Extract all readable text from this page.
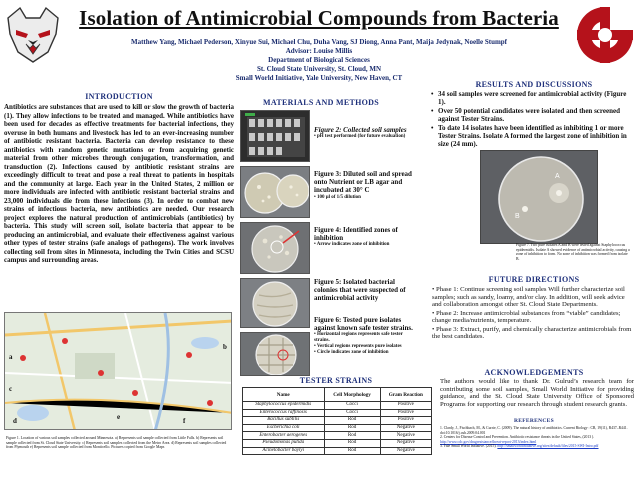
Isolation of Antimicrobial Compounds from Bacteria
Matthew Yang, Michael Pederson, Xinyue Sui, Michael Chu, Duha Vang, SJ Diong, Anna Pant, Maija Jedynak, Noelle Stumpf
Advisor: Louise Millis
Department of Biological Sciences
St. Cloud State University, St. Cloud, MN
Small World Initiative, Yale University, New Haven, CT
INTRODUCTION
Antibiotics are substances that are used to kill or slow the growth of bacteria (1). They allow infections to be treated and managed. While antibiotics have been used for decades as effective treatments for bacterial infections, they overuse in both humans and livestock has led to an ever-increasing number of antibiotic resistant bacteria. Bacteria can develop resistance to these antibiotics with random genetic mutations or from acquiring genetic material from other microbes through conjugation, transformation, and transduction (2). Infections caused by antibiotic resistant strains are exceedingly difficult to treat and pose a real threat to patients in hospitals and the community at large. Each year in the United States, 2 million or more individuals are infected with antibiotic resistant bacterial strains and 23,000 individuals die from these infections (3). In order to combat new strains of infectious bacteria, new antibiotics are needed. Our research project explores the natural production of antimicrobials (antibiotics) by bacteria. This study will screen soil, isolate bacteria that appear to be producing an antimicrobial, and evaluate their effectiveness against various other types of tester strains (safe analogs of pathogens). The work involves collecting soil from sites in Minnesota, including the Twin Cities and SCSU campus and surrounding areas.
a
b
c
d	e	f
Figure 1. Location of various soil samples collected around Minnesota. a) Represents soil sample collected from Little Falls. b) Represents soil sample collected from St. Cloud State University. c) Represents soil samples collected from the Metro Area. d) Represents soil samples collected from Plymouth e) Represents soil sample collected from Monticello. Pictures copied from Google Maps
MATERIALS AND METHODS
Figure 2: Collected soil samples
• pH test performed (for future evaluation)
Figure 3: Diluted soil and spread onto Nutrient or LB agar and incubated at 30° C
• 100 μl of 1/5 dilution
Figure 4: Identified zones of inhibition
• Arrow indicates zone of inhibition
Figure 5: Isolated bacterial colonies that were suspected of antimicrobial activity
Figure 6: Tested pure isolates against known safe tester strains.
• Horizontal regions represents safe tester strains.
• Vertical regions represents pure isolates
• Circle indicates zone of inhibition
TESTER STRAINS
Name	Cell Morphology	Gram Reaction
Staphylococcus epidermidis	Cocci	Positive
Enterococcus raffinosis	Cocci	Positive
Bacillus subtilis	Rod	Positive
Escherichia coli	Rod	Negative
Enterobacter aerogenes	Rod	Negative
Pseudomonas putida	Rod	Negative
Acinetobacter baylyi	Rod	Negative
RESULTS AND DISCUSSIONS
• 34 soil samples were screened for antimicrobial activity (Figure 1).
• Over 50 potential candidates were isolated and then screened against Tester Strains.
• To date 14 isolates have been identified as inhibiting 1 or more Tester Strains. Isolate A formed the largest zone of inhibition in size (24 mm).
A
B
Figure 7. Two pure isolates A and B were tested against Staphylococcus epidermidis. Isolate A showed evidence of antimicrobial activity, causing a zone of inhibition to form. No zone of inhibition was formed from isolate B.
FUTURE DIRECTIONS
• Phase 1: Continue screening soil samples Will further characterize soil samples; such as sandy, loamy, and/or clay. In addition, will seek advice and collaboration amongst other St. Cloud State Departments.
• Phase 2: Increase antimicrobial substances from “viable” candidates; change media/nutrients, temperature.
• Phase 3: Extract, purify, and chemically characterize antimicrobials from the best candidates.
ACKNOWLEDGEMENTS
The authors would like to thank Dr. Gulrud’s research team for contributing some soil samples, Small World Initiative for providing guidance, and the St. Cloud State University Office of Sponsored Programs for supporting our research through student research grants.
REFERENCES
1. Clardy, J., Fischbach, M., & Currie, C. (2009). The natural history of antibiotics. Current Biology : CB, 19(11), R437–R441. doi:10.1016/j.cub.2009.04.001
2. Centers for Disease Control and Prevention. Antibiotic resistance threats in the United States, (2013 ). http://www.cdc.gov/drugresistance/threat-report-2013/index.html
3. Yale Small World Initiative. (2015). http://smallworldinitiative.org/sites/default/files/2015-SWI-Intro.pdf
